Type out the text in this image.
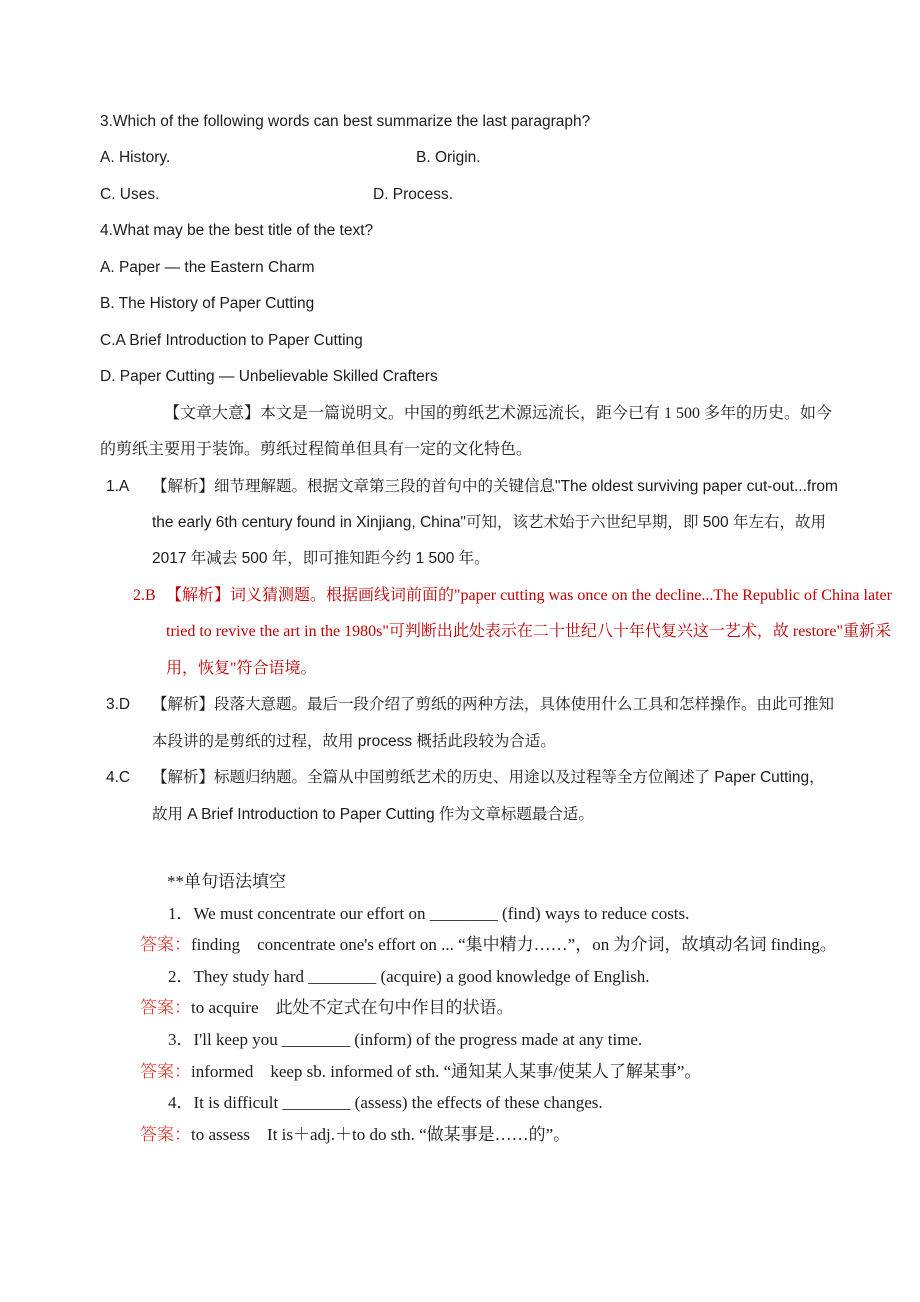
3.Which of the following words can best summarize the last paragraph?

A. History.	B. Origin.

C. Uses.	D. Process.

4.What may be the best title of the text?

A. Paper — the Eastern Charm

B. The History of Paper Cutting

C.A Brief Introduction to Paper Cutting

D. Paper Cutting — Unbelievable Skilled Crafters

【文章大意】本文是一篇说明文。中国的剪纸艺术源远流长，距今已有 1 500 多年的历史。如今的剪纸主要用于装饰。剪纸过程简单但具有一定的文化特色。

1.A 【解析】细节理解题。根据文章第三段的首句中的关键信息"The oldest surviving paper cut-out...from the early 6th century found in Xinjiang, China"可知，该艺术始于六世纪早期，即 500 年左右，故用 2017 年减去 500 年，即可推知距今约 1 500 年。
2.B 【解析】词义猜测题。根据画线词前面的"paper cutting was once on the decline...The Republic of China later tried to revive the art in the 1980s"可判断出此处表示在二十世纪八十年代复兴这一艺术，故 restore"重新采用，恢复"符合语境。
3.D 【解析】段落大意题。最后一段介绍了剪纸的两种方法，具体使用什么工具和怎样操作。由此可推知本段讲的是剪纸的过程，故用 process 概括此段较为合适。
4.C 【解析】标题归纳题。全篇从中国剪纸艺术的历史、用途以及过程等全方位阐述了 Paper Cutting，故用 A Brief Introduction to Paper Cutting 作为文章标题最合适。

**单句语法填空

1．We must concentrate our effort on ________ (find) ways to reduce costs.

答案：finding　concentrate one's effort on ... “集中精力……”，on 为介词，故填动名词 finding。

2．They study hard ________ (acquire) a good knowledge of English.

答案：to acquire　此处不定式在句中作目的状语。

3．I'll keep you ________ (inform) of the progress made at any time.

答案：informed　keep sb. informed of sth. “通知某人某事/使某人了解某事”。

4．It is difficult ________ (assess) the effects of these changes.

答案：to assess　It is＋adj.＋to do sth. “做某事是……的”。
